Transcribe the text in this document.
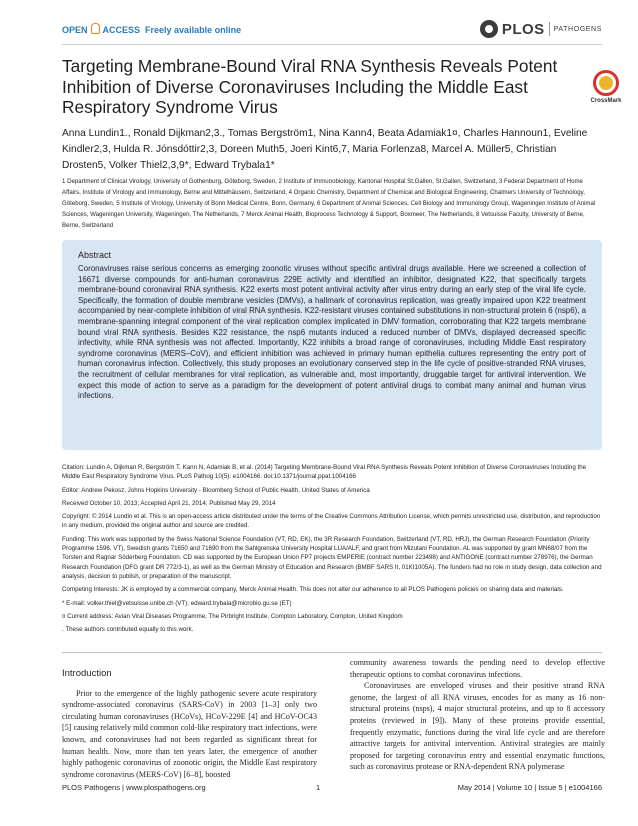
OPEN ACCESS Freely available online	PLOS PATHOGENS
Targeting Membrane-Bound Viral RNA Synthesis Reveals Potent Inhibition of Diverse Coronaviruses Including the Middle East Respiratory Syndrome Virus	CrossMark
Anna Lundin1., Ronald Dijkman2,3., Tomas Bergström1, Nina Kann4, Beata Adamiak1¤, Charles Hannoun1, Eveline Kindler2,3, Hulda R. Jónsdóttir2,3, Doreen Muth5, Joeri Kint6,7, Maria Forlenza8, Marcel A. Müller5, Christian Drosten5, Volker Thiel2,3,9*, Edward Trybala1*
1 Department of Clinical Virology, University of Gothenburg, Göteborg, Sweden, 2 Institute of Immunobiology, Kantonal Hospital St.Gallen, St.Gallen, Switzerland, 3 Federal Department of Home Affairs, Institute of Virology and Immunology, Berne and Mittelhäusern, Switzerland, 4 Organic Chemistry, Department of Chemical and Biological Engineering, Chalmers University of Technology, Göteborg, Sweden, 5 Institute of Virology, University of Bonn Medical Centre, Bonn, Germany, 6 Department of Animal Sciences, Cell Biology and Immunology Group, Wageningen Institute of Animal Sciences, Wageningen University, Wageningen, The Netherlands, 7 Merck Animal Health, Bioprocess Technology & Support, Boxmeer, The Netherlands, 8 Vetsuisse Faculty, University of Berne, Berne, Switzerland
Abstract

Coronaviruses raise serious concerns as emerging zoonotic viruses without specific antiviral drugs available. Here we screened a collection of 16671 diverse compounds for anti-human coronavirus 229E activity and identified an inhibitor, designated K22, that specifically targets membrane-bound coronaviral RNA synthesis. K22 exerts most potent antiviral activity after virus entry during an early step of the viral life cycle. Specifically, the formation of double membrane vesicles (DMVs), a hallmark of coronavirus replication, was greatly impaired upon K22 treatment accompanied by near-complete inhibition of viral RNA synthesis. K22-resistant viruses contained substitutions in non-structural protein 6 (nsp6), a membrane-spanning integral component of the viral replication complex implicated in DMV formation, corroborating that K22 targets membrane bound viral RNA synthesis. Besides K22 resistance, the nsp6 mutants induced a reduced number of DMVs, displayed decreased specific infectivity, while RNA synthesis was not affected. Importantly, K22 inhibits a broad range of coronaviruses, including Middle East respiratory syndrome coronavirus (MERS–CoV), and efficient inhibition was achieved in primary human epithelia cultures representing the entry port of human coronavirus infection. Collectively, this study proposes an evolutionary conserved step in the life cycle of positive-stranded RNA viruses, the recruitment of cellular membranes for viral replication, as vulnerable and, most importantly, druggable target for antiviral intervention. We expect this mode of action to serve as a paradigm for the development of potent antiviral drugs to combat many animal and human virus infections.

Citation: Lundin A, Dijkman R, Bergström T, Kann N, Adamiak B, et al. (2014) Targeting Membrane-Bound Viral RNA Synthesis Reveals Potent Inhibition of Diverse Coronaviruses Including the Middle East Respiratory Syndrome Virus. PLoS Pathog 10(5): e1004166. doi:10.1371/journal.ppat.1004166
Editor: Andrew Pekosz, Johns Hopkins University - Bloomberg School of Public Health, United States of America
Received October 10, 2013; Accepted April 21, 2014; Published May 29, 2014
Copyright: © 2014 Lundin et al. This is an open-access article distributed under the terms of the Creative Commons Attribution License, which permits unrestricted use, distribution, and reproduction in any medium, provided the original author and source are credited.
Funding: This work was supported by the Swiss National Science Foundation (VT, RD, EK), the 3R Research Foundation, Switzerland (VT, RD, HRJ), the German Research Foundation (Priority Programme 1596, VT), Swedish grants 71650 and 71690 from the Sahlgrenska University Hospital LUA/ALF, and grant from Mizutani Foundation. AL was supported by grant MN68/07 from the Torsten and Ragnar Söderberg Foundation. CD was supported by the European Union FP7 projects EMPERIE (contract number 223498) and ANTIGONE (contract number 278976), the German Research Foundation (DFG grant DR 772/3-1), as well as the German Ministry of Education and Research (BMBF SARS II, 01KI1005A). The funders had no role in study design, data collection and analysis, decision to publish, or preparation of the manuscript.
Competing Interests: JK is employed by a commercial company, Merck Animal Health. This does not alter our adherence to all PLOS Pathogens policies on sharing data and materials.
* E-mail: volker.thiel@vetsuisse.unibe.ch (VT); edward.trybala@microbio.gu.se (ET)
¤ Current address: Avian Viral Diseases Programme, The Pirbright Institute, Compton Laboratory, Compton, United Kingdom
. These authors contributed equally to this work.
Introduction

Prior to the emergence of the highly pathogenic severe acute respiratory syndrome-associated coronavirus (SARS-CoV) in 2003 [1–3] only two circulating human coronaviruses (HCoVs), HCoV-229E [4] and HCoV-OC43 [5] causing relatively mild common cold-like respiratory tract infections, were known, and coronaviruses had not been regarded as significant threat for human health. Now, more than ten years later, the emergence of another highly pathogenic coronavirus of zoonotic origin, the Middle East respiratory syndrome coronavirus (MERS-CoV) [6–8], boosted

community awareness towards the pending need to develop effective therapeutic options to combat coronavirus infections.

Coronaviruses are enveloped viruses and their positive strand RNA genome, the largest of all RNA viruses, encodes for as many as 16 non-structural proteins (nsps), 4 major structural proteins, and up to 8 accessory proteins (reviewed in [9]). Many of these proteins provide essential, frequently enzymatic, functions during the viral life cycle and are therefore attractive targets for antiviral intervention. Antiviral strategies are mainly proposed for targeting coronavirus entry and essential enzymatic functions, such as coronavirus protease or RNA-dependent RNA polymerase

PLOS Pathogens | www.plospathogens.org	1	May 2014 | Volume 10 | Issue 5 | e1004166
